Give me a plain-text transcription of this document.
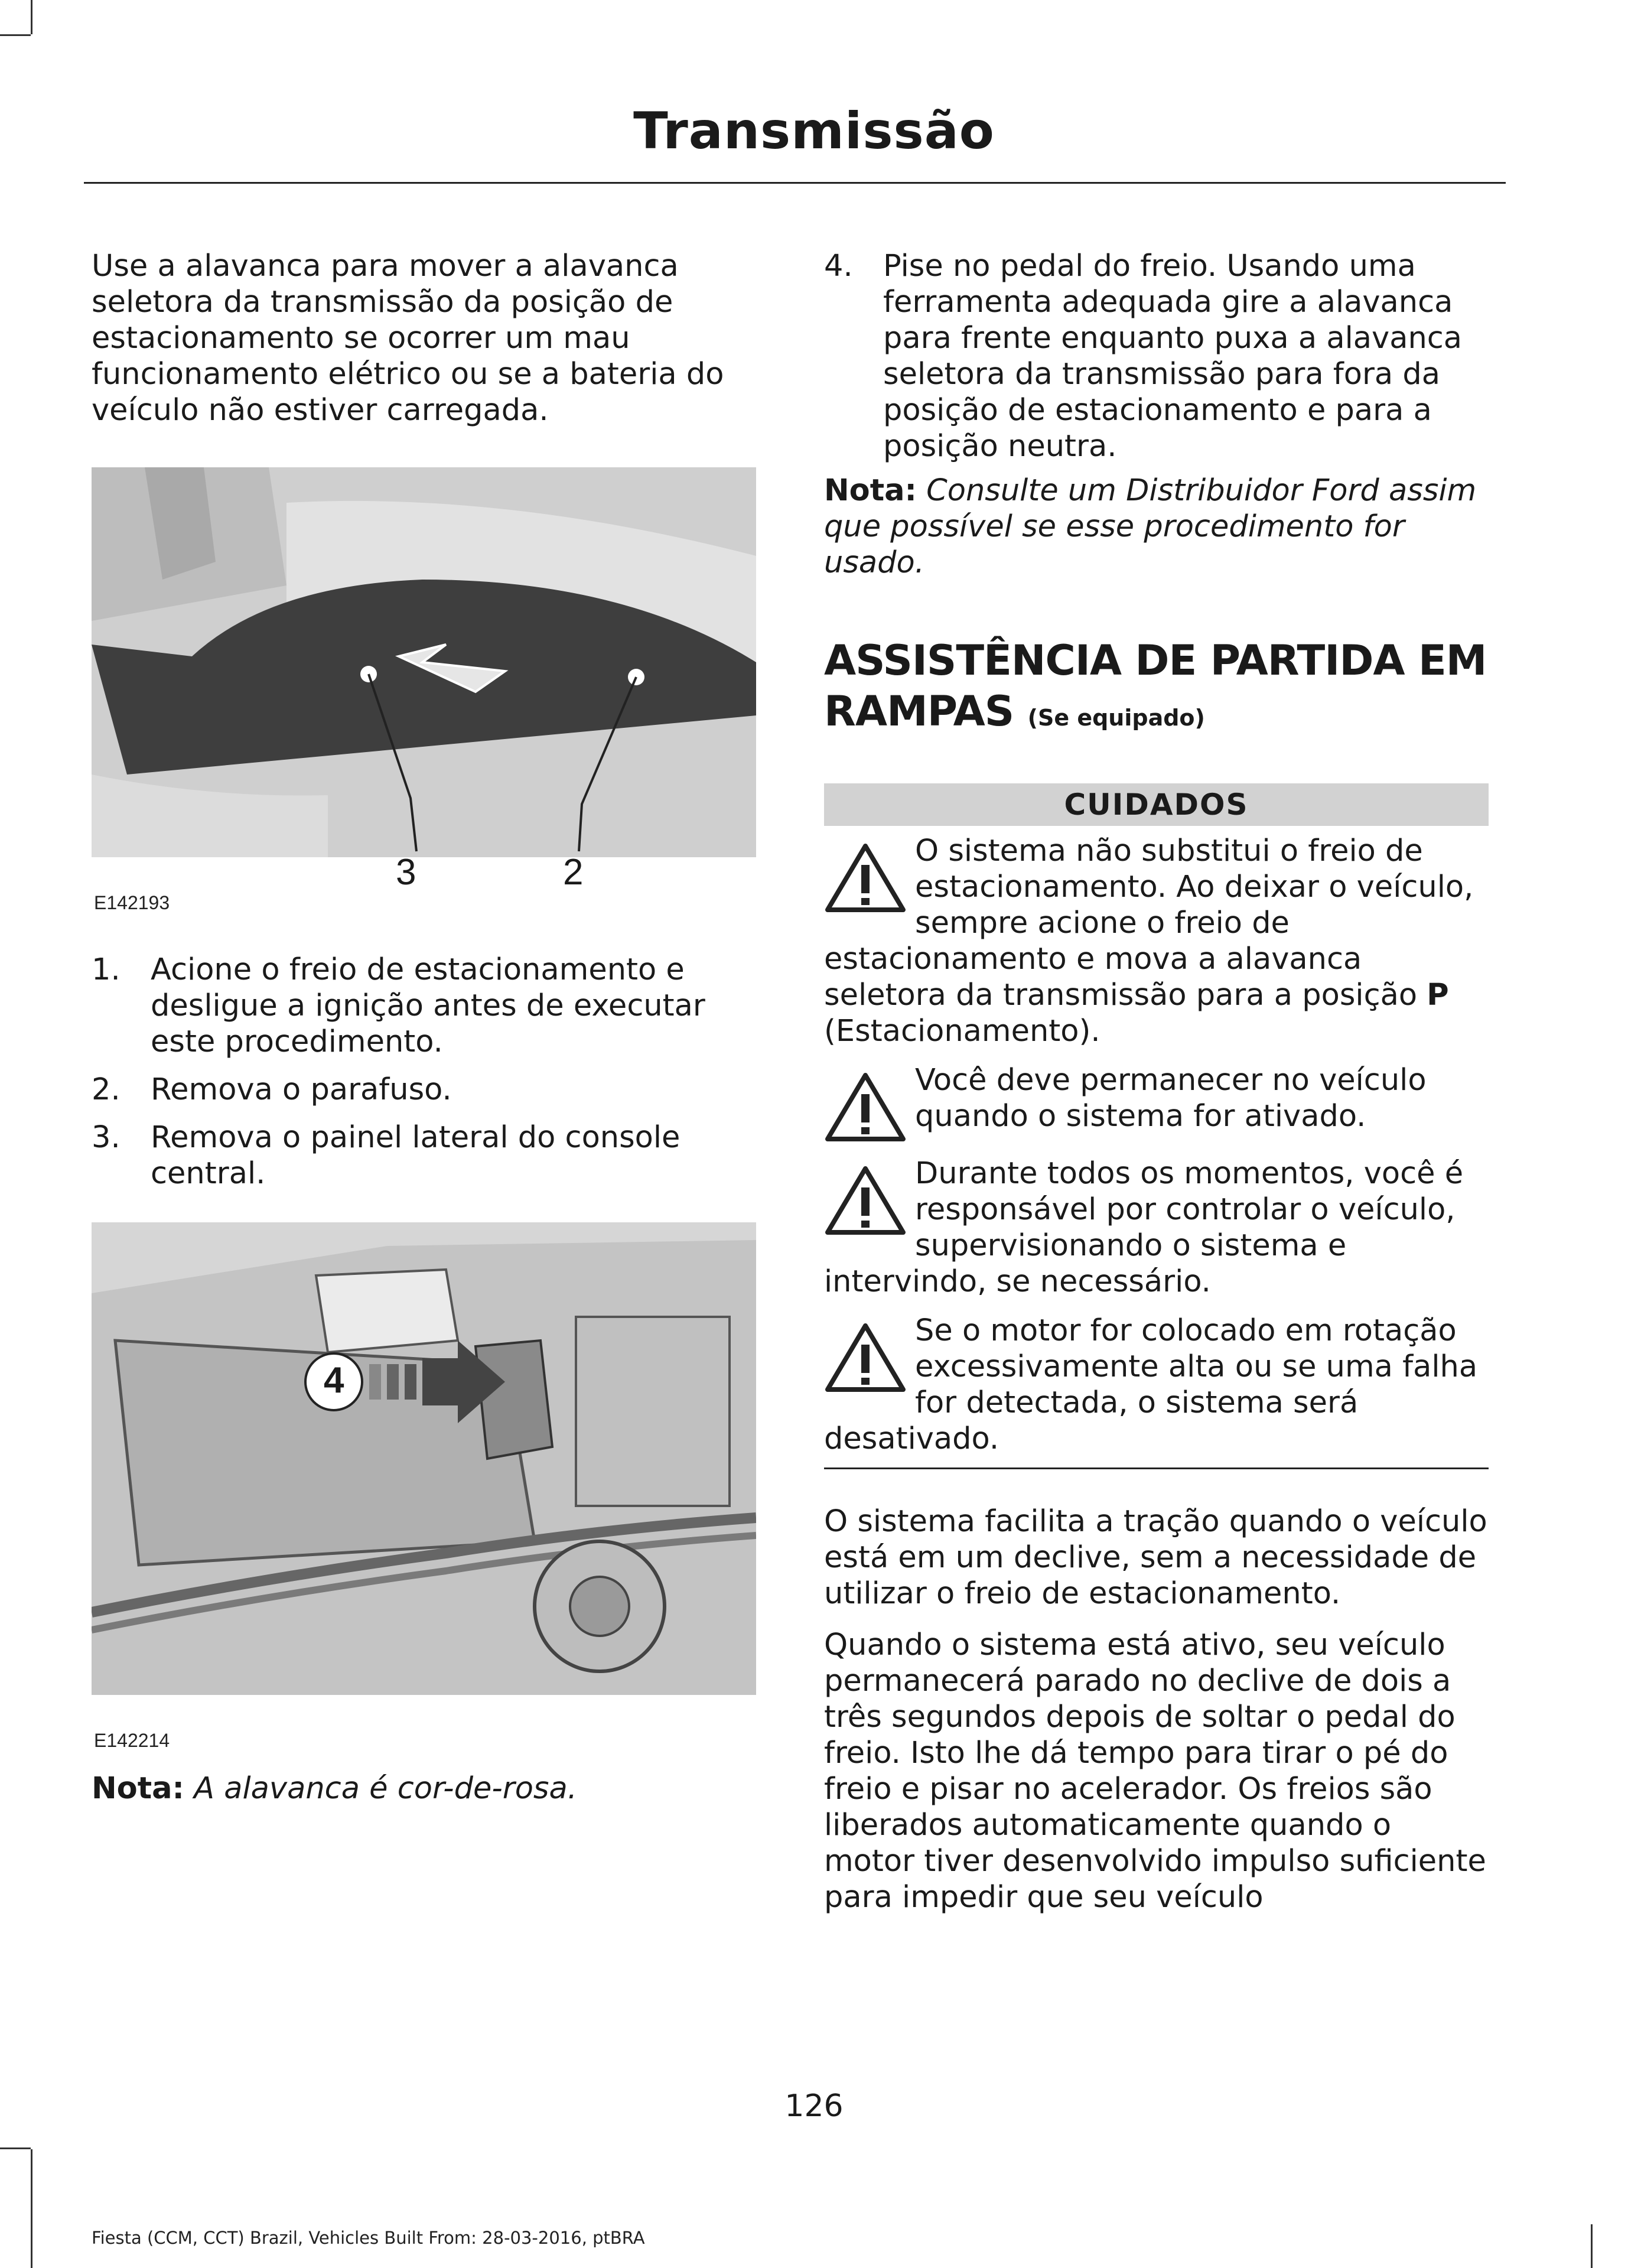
Transmissão

Use a alavanca para mover a alavanca seletora da transmissão da posição de estacionamento se ocorrer um mau funcionamento elétrico ou se a bateria do veículo não estiver carregada.

3	2
E142193
1. Acione o freio de estacionamento e desligue a ignição antes de executar este procedimento.
2. Remova o parafuso.
3. Remova o painel lateral do console central.
4
E142214

Nota: A alavanca é cor-de-rosa.

4. Pise no pedal do freio. Usando uma ferramenta adequada gire a alavanca para frente enquanto puxa a alavanca seletora da transmissão para fora da posição de estacionamento e para a posição neutra.

Nota: Consulte um Distribuidor Ford assim que possível se esse procedimento for usado.

ASSISTÊNCIA DE PARTIDA EM
RAMPAS (Se equipado)
CUIDADOS
O sistema não substitui o freio de estacionamento. Ao deixar o veículo, sempre acione o freio de estacionamento e mova a alavanca seletora da transmissão para a posição P (Estacionamento).
Você deve permanecer no veículo quando o sistema for ativado.
Durante todos os momentos, você é responsável por controlar o veículo, supervisionando o sistema e intervindo, se necessário.
Se o motor for colocado em rotação excessivamente alta ou se uma falha for detectada, o sistema será desativado.

O sistema facilita a tração quando o veículo está em um declive, sem a necessidade de utilizar o freio de estacionamento.

Quando o sistema está ativo, seu veículo permanecerá parado no declive de dois a três segundos depois de soltar o pedal do freio. Isto lhe dá tempo para tirar o pé do freio e pisar no acelerador. Os freios são liberados automaticamente quando o motor tiver desenvolvido impulso suficiente para impedir que seu veículo

126
Fiesta (CCM, CCT) Brazil, Vehicles Built From: 28-03-2016, ptBRA
